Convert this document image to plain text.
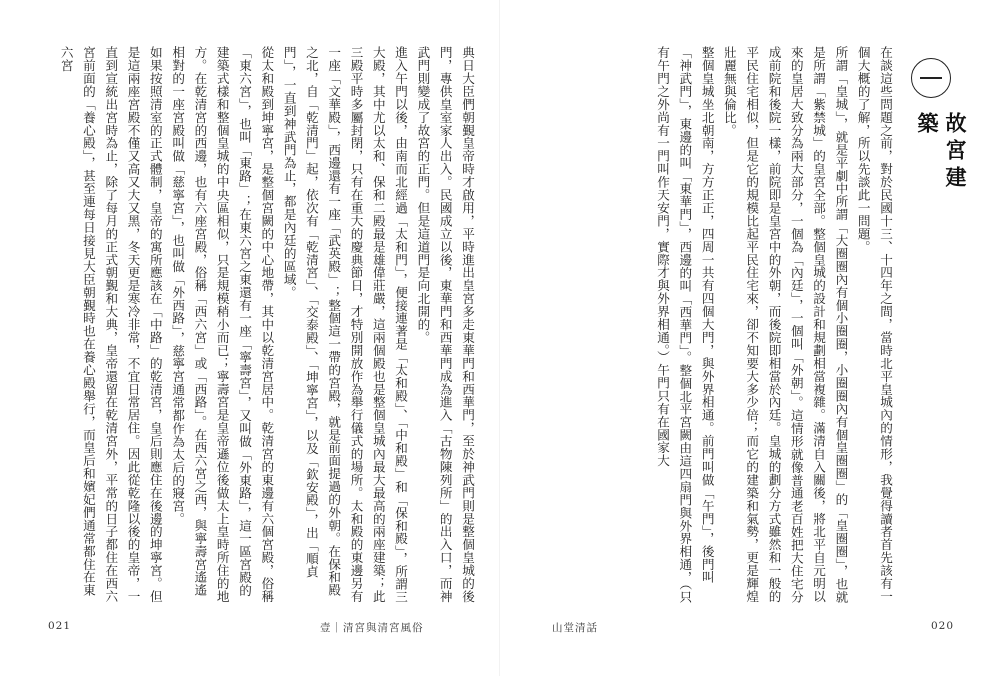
典日大臣們朝覲皇帝時才啟用，平時進出皇宮多走東華門和西華門，至於神武門則是整個皇城的後門，專供皇室家人出入。民國成立以後，東華門和西華門成為進入「古物陳列所」的出入口，而神武門則變成了故宮的正門。但是這道門是向北開的。

進入午門以後，由南而北經過「太和門」，便接連著是「太和殿」、「中和殿」和「保和殿」，所謂三大殿，其中尤以太和、保和二殿最是雄偉莊嚴，這兩個殿也是整個皇城內最大最高的兩座建築；此三殿平時多屬封閉，只有在重大的慶典節日，才特別開放作為舉行儀式的場所。太和殿的東邊另有一座「文華殿」，西邊還有一座「武英殿」；整個這一帶的宮殿，就是前面提過的外朝。在保和殿之北，自「乾清門」起，依次有「乾清宮」、「交泰殿」、「坤寧宮」，以及「欽安殿」，出「順貞門」，一直到神武門為止，都是內廷的區域。

從太和殿到坤寧宮，是整個宮闕的中心地帶，其中以乾清宮居中。乾清宮的東邊有六個宮殿，俗稱「東六宮」，也叫「東路」；在東六宮之東還有一座「寧壽宮」，又叫做「外東路」，這一區宮殿的建築式樣和整個皇城的中央區相似，只是規模稍小而已；寧壽宮是皇帝遜位後做太上皇時所住的地方。在乾清宮的西邊，也有六座宮殿，俗稱「西六宮」或「西路」。在西六宮之西，與寧壽宮遙遙相對的一座宮殿叫做「慈寧宮」，也叫做「外西路」，慈寧宮通常都作為太后的寢宮。

如果按照清室的正式體制，皇帝的寓所應該在「中路」的乾清宮，皇后則應住在後邊的坤寧宮。但是這兩座宮殿不僅又高又大又黑，冬天更是寒冷非常，不宜日常居住。因此從乾隆以後的皇帝，一直到宣統出宮時為止，除了每月的正式朝覲和大典，皇帝還留在乾清宮外，平常的日子都住在西六宮前面的「養心殿」，甚至連每日接見大臣朝覲時也在養心殿舉行，而皇后和嬪妃們通常都住在東六宮

021	壹｜清宮與清宮風俗
故宮建築

在談這些問題之前，對於民國十三、十四年之間，當時北平皇城內的情形，我覺得讀者首先該有一個大概的了解，所以先談此一問題。

所謂「皇城」，就是平劇中所謂「大圈圈內有個小圈圈，小圈圈內有個皇圈圈」的「皇圈圈」，也就是所謂「紫禁城」的皇宮全部。整個皇城的設計和規劃相當複雜。滿清自入關後，將北平自元明以來的皇居大致分為兩大部分，一個為「內廷」，一個叫「外朝」。這情形就像普通老百姓把大住宅分成前院和後院一樣，前院即是皇宮中的外朝，而後院即相當於內廷。皇城的劃分方式雖然和一般的平民住宅相似，但是它的規模比起平民住宅來，卻不知要大多少倍；而它的建築和氣勢，更是輝煌壯麗無與倫比。

整個皇城坐北朝南，方方正正，四周一共有四個大門，與外界相通。前門叫做「午門」，後門叫「神武門」，東邊的叫「東華門」，西邊的叫「西華門」。整個北平宮闕由這四扇門與外界相通，（只有午門之外尚有一門叫作天安門，實際才與外界相通。）午門只有在國家大

山堂清話	020
